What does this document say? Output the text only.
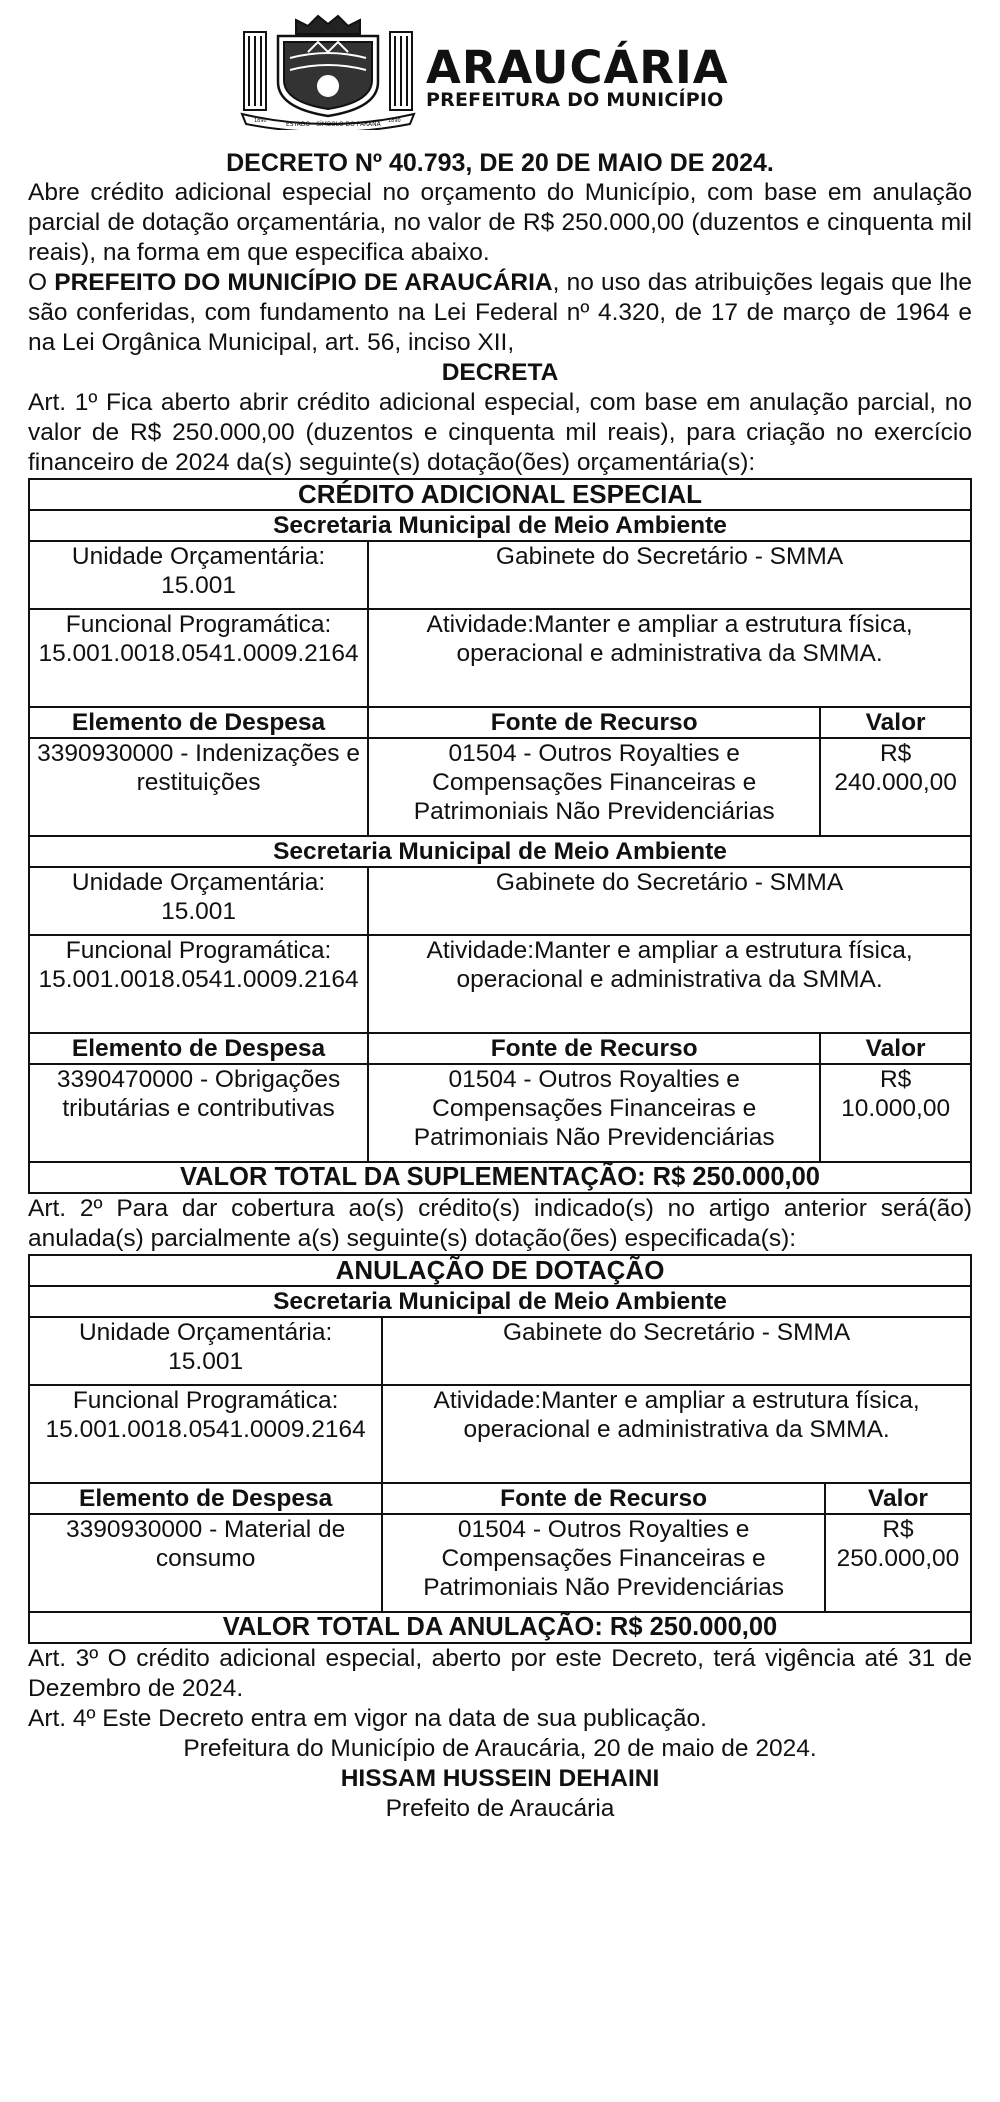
1890	ESTADO - SÍMBOLO DO PARANÁ 1890
ARAUCÁRIA
PREFEITURA DO MUNICÍPIO
DECRETO Nº 40.793, DE 20 DE MAIO DE 2024.

Abre crédito adicional especial no orçamento do Município, com base em anulação parcial de dotação orçamentária, no valor de R$ 250.000,00 (duzentos e cinquenta mil reais), na forma em que especifica abaixo.

O PREFEITO DO MUNICÍPIO DE ARAUCÁRIA, no uso das atribuições legais que lhe são conferidas, com fundamento na Lei Federal nº 4.320, de 17 de março de 1964 e na Lei Orgânica Municipal, art. 56, inciso XII,

DECRETA

Art. 1º Fica aberto abrir crédito adicional especial, com base em anulação parcial, no valor de R$ 250.000,00 (duzentos e cinquenta mil reais), para criação no exercício financeiro de 2024 da(s) seguinte(s) dotação(ões) orçamentária(s):

CRÉDITO ADICIONAL ESPECIAL		
Secretaria Municipal de Meio Ambiente		

Unidade Orçamentária:
15.001	Gabinete do Secretário - SMMA	

Funcional Programática:
15.001.0018.0541.0009.2164	Atividade:Manter e ampliar a estrutura física, operacional e administrativa da SMMA.	
Elemento de Despesa	Fonte de Recurso	Valor
3390930000 - Indenizações e restituições	01504 - Outros Royalties e Compensações Financeiras e Patrimoniais Não Previdenciárias	R$
240.000,00

Secretaria Municipal de Meio Ambiente		

Unidade Orçamentária:
15.001	Gabinete do Secretário - SMMA	

Funcional Programática:
15.001.0018.0541.0009.2164	Atividade:Manter e ampliar a estrutura física, operacional e administrativa da SMMA.	
Elemento de Despesa	Fonte de Recurso	Valor
3390470000 - Obrigações tributárias e contributivas	01504 - Outros Royalties e Compensações Financeiras e Patrimoniais Não Previdenciárias	R$
10.000,00

VALOR TOTAL DA SUPLEMENTAÇÃO: R$ 250.000,00		

Art. 2º Para dar cobertura ao(s) crédito(s) indicado(s) no artigo anterior será(ão) anulada(s) parcialmente a(s) seguinte(s) dotação(ões) especificada(s):

ANULAÇÃO DE DOTAÇÃO		
Secretaria Municipal de Meio Ambiente		

Unidade Orçamentária:
15.001	Gabinete do Secretário - SMMA	

Funcional Programática:
15.001.0018.0541.0009.2164	Atividade:Manter e ampliar a estrutura física, operacional e administrativa da SMMA.	
Elemento de Despesa	Fonte de Recurso	Valor
3390930000 - Material de consumo	01504 - Outros Royalties e Compensações Financeiras e Patrimoniais Não Previdenciárias	R$
250.000,00

VALOR TOTAL DA ANULAÇÃO: R$ 250.000,00		

Art. 3º O crédito adicional especial, aberto por este Decreto, terá vigência até 31 de Dezembro de 2024.

Art. 4º Este Decreto entra em vigor na data de sua publicação.

Prefeitura do Município de Araucária, 20 de maio de 2024.
HISSAM HUSSEIN DEHAINI
Prefeito de Araucária
